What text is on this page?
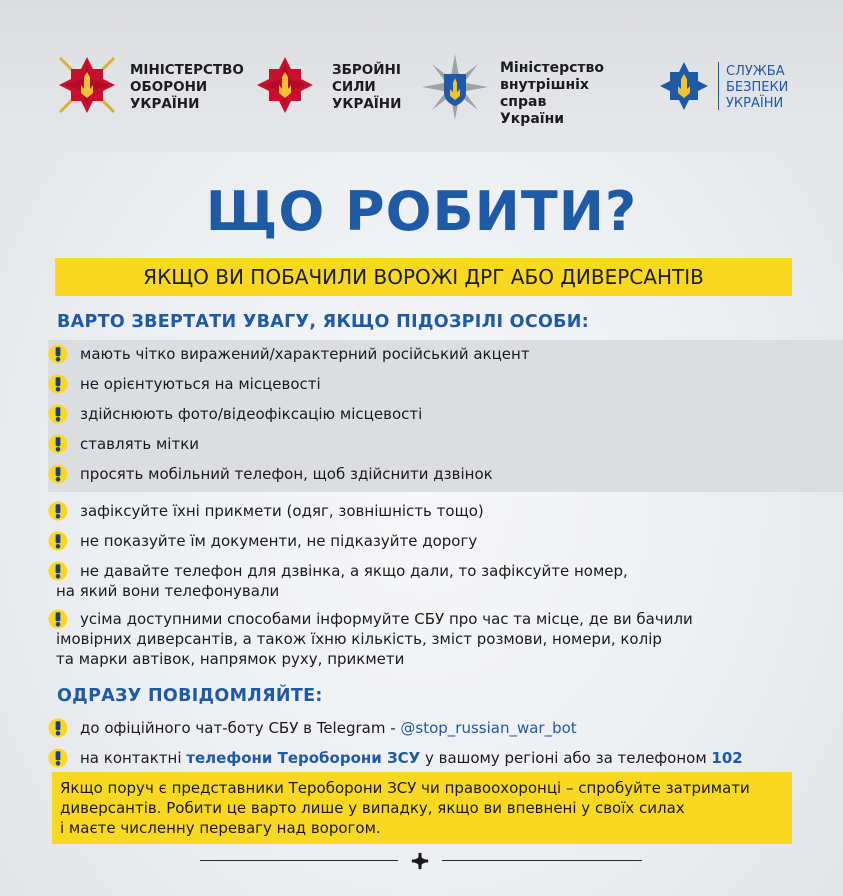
МІНІСТЕРСТВО
ОБОРОНИ
УКРАЇНИ
ЗБРОЙНІ
СИЛИ
УКРАЇНИ
Міністерство
внутрішніх справ
України
СЛУЖБА
БЕЗПЕКИ
УКРАЇНИ
ЩО РОБИТИ?
ЯКЩО ВИ ПОБАЧИЛИ ВОРОЖІ ДРГ АБО ДИВЕРСАНТІВ
ВАРТО ЗВЕРТАТИ УВАГУ, ЯКЩО ПІДОЗРІЛІ ОСОБИ:
мають чітко виражений/характерний російський акцент
не орієнтуються на місцевості
здійснюють фото/відеофіксацію місцевості
ставлять мітки
просять мобільний телефон, щоб здійснити дзвінок
зафіксуйте їхні прикмети (одяг, зовнішність тощо)
не показуйте їм документи, не підказуйте дорогу
не давайте телефон для дзвінка, а якщо дали, то зафіксуйте номер,
на який вони телефонували
усіма доступними способами інформуйте СБУ про час та місце, де ви бачили
імовірних диверсантів, а також їхню кількість, зміст розмови, номери, колір
та марки автівок, напрямок руху, прикмети
ОДРАЗУ ПОВІДОМЛЯЙТЕ:
до офіційного чат-боту СБУ в Telegram - @stop_russian_war_bot
на контактні телефони Тероборони ЗСУ у вашому регіоні або за телефоном 102
Якщо поруч є представники Тероборони ЗСУ чи правоохоронці – спробуйте затримати
диверсантів. Робити це варто лише у випадку, якщо ви впевнені у своїх силах
і маєте численну перевагу над ворогом.
